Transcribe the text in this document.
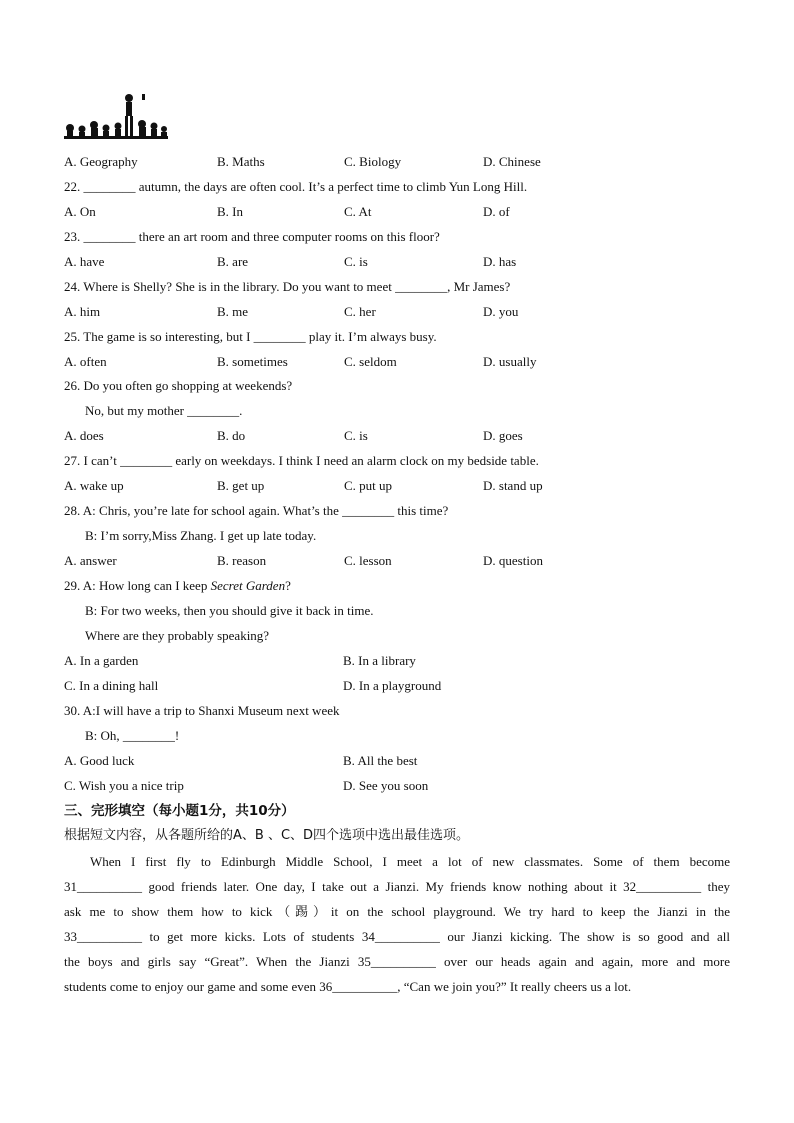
A. Geography	B. Maths	C. Biology	D. Chinese
22. ________ autumn, the days are often cool. It’s a perfect time to climb Yun Long Hill.
A. On	B. In	C. At	D. of
23. ________ there an art room and three computer rooms on this floor?
A. have	B. are	C. is	D. has
24. Where is Shelly? She is in the library. Do you want to meet ________, Mr James?
A. him	B. me	C. her	D. you
25. The game is so interesting, but I ________ play it. I’m always busy.
A. often	B. sometimes	C. seldom	D. usually
26. Do you often go shopping at weekends?
No, but my mother ________.
A. does	B. do	C. is	D. goes
27. I can’t ________ early on weekdays. I think I need an alarm clock on my bedside table.
A. wake up	B. get up	C. put up	D. stand up
28. A: Chris, you’re late for school again. What’s the ________ this time?
B: I’m sorry,Miss Zhang. I get up late today.
A. answer	B. reason	C. lesson	D. question
29. A: How long can I keep Secret Garden?
B: For two weeks, then you should give it back in time.
Where are they probably speaking?
A. In a garden	B. In a library
C. In a dining hall	D. In a playground
30. A:I will have a trip to Shanxi Museum next week
B: Oh, ________!
A. Good luck	B. All the best
C. Wish you a nice trip	D. See you soon
三、完形填空（每小题1分，共10分）
根据短文内容，从各题所给的A、B 、C、D四个选项中选出最佳选项。
When I first fly to Edinburgh Middle School, I meet a lot of new classmates. Some of them become
31__________ good friends later. One day, I take out a Jianzi. My friends know nothing about it 32__________ they
ask me to show them how to kick（踢）it on the school playground. We try hard to keep the Jianzi in the
33__________ to get more kicks. Lots of students 34__________ our Jianzi kicking. The show is so good and all
the boys and girls say “Great”. When the Jianzi 35__________ over our heads again and again, more and more
students come to enjoy our game and some even 36__________, “Can we join you?” It really cheers us a lot.
